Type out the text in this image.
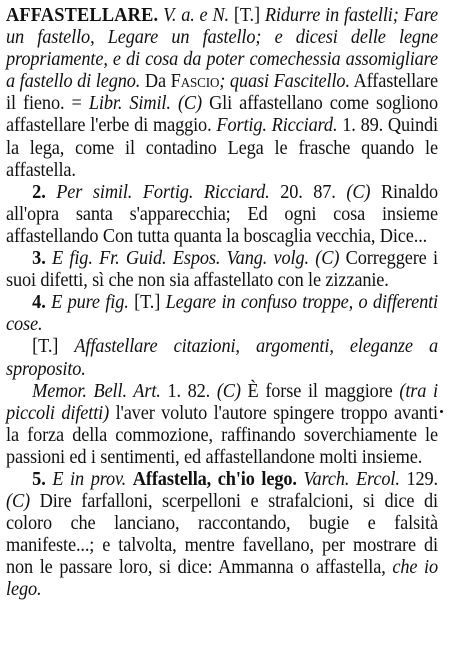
AFFASTELLARE. V. a. e N. [T.] Ridurre in fastelli; Fare un fastello, Legare un fastello; e dicesi delle legne propriamente, e di cosa da poter comechessia assomigliare a fastello di legno. Da Fascio; quasi Fascitello. Affastellare il fieno. = Libr. Simil. (C) Gli affastellano come sogliono affastellare l'erbe di maggio. Fortig. Ricciard. 1. 89. Quindi la lega, come il contadino Lega le frasche quando le affastella.

2. Per simil. Fortig. Ricciard. 20. 87. (C) Rinaldo all'opra santa s'apparecchia; Ed ogni cosa insieme affastellando Con tutta quanta la boscaglia vecchia, Dice...

3. E fig. Fr. Guid. Espos. Vang. volg. (C) Correggere i suoi difetti, sì che non sia affastellato con le zizzanie.

4. E pure fig. [T.] Legare in confuso troppe, o differenti cose.

[T.] Affastellare citazioni, argomenti, eleganze a sproposito.

Memor. Bell. Art. 1. 82. (C) È forse il maggiore (tra i piccoli difetti) l'aver voluto l'autore spingere troppo avanti la forza della commozione, raffinando soverchiamente le passioni ed i sentimenti, ed affastellandone molti insieme.

5. E in prov. Affastella, ch'io lego. Varch. Ercol. 129. (C) Dire farfalloni, scerpelloni e strafalcioni, si dice di coloro che lanciano, raccontando, bugie e falsità manifeste...; e talvolta, mentre favellano, per mostrare di non le passare loro, si dice: Ammanna o affastella, che io lego.
